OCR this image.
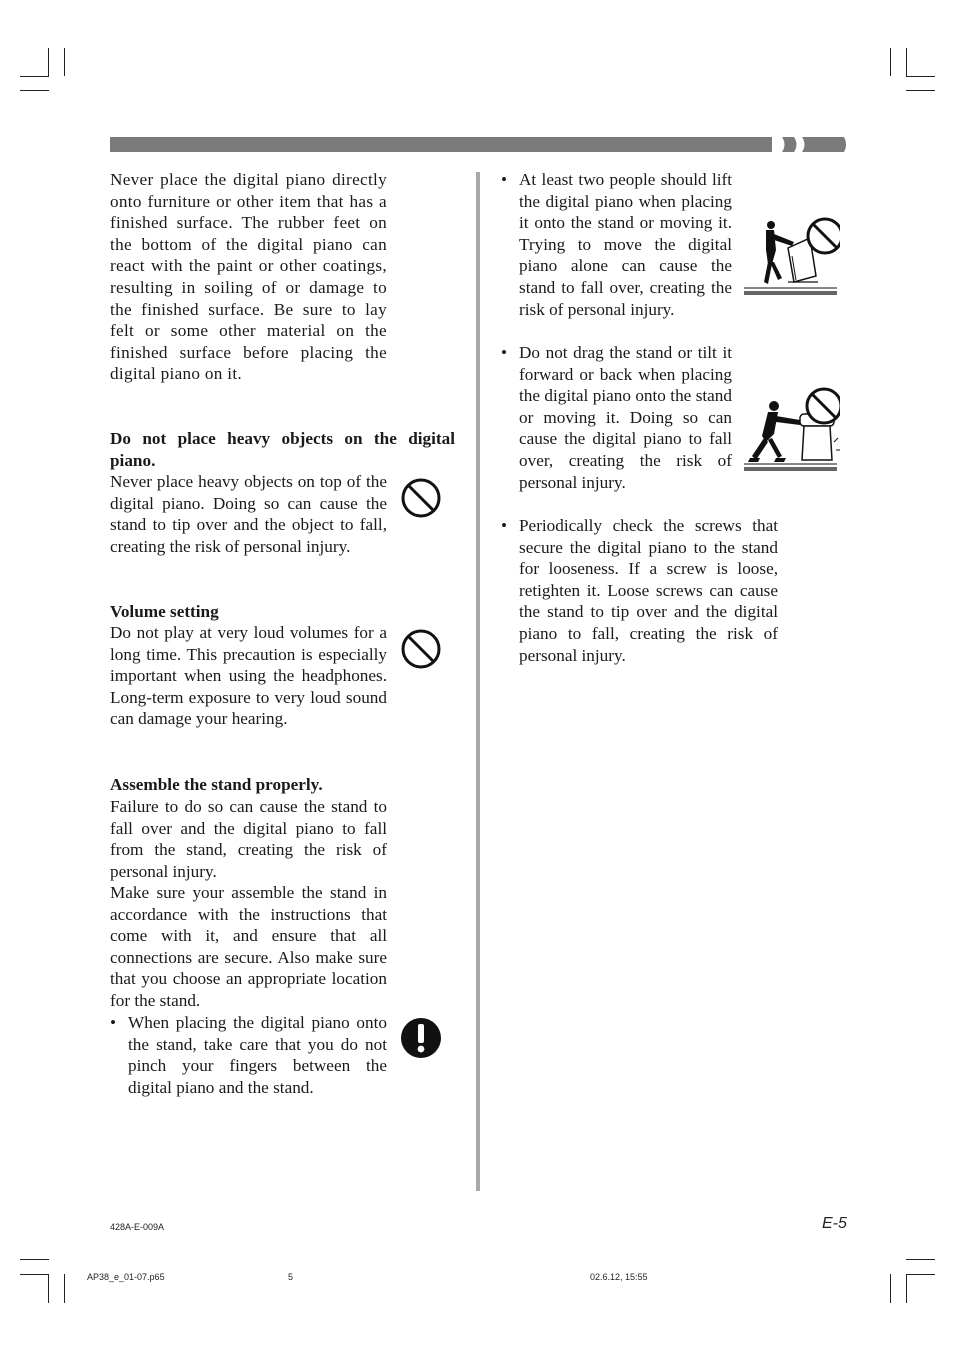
Never place the digital piano directly onto furniture or other item that has a finished surface. The rubber feet on the bottom of the digital piano can react with the paint or other coatings, resulting in soiling of or damage to the finished surface. Be sure to lay felt or some other material on the finished surface before placing the digital piano on it.

Do not place heavy objects on the digital piano.

Never place heavy objects on top of the digital piano. Doing so can cause the stand to tip over and the object to fall, creating the risk of personal injury.

Volume setting

Do not play at very loud volumes for a long time. This precaution is especially important when using the headphones. Long-term exposure to very loud sound can damage your hearing.

Assemble the stand properly.

Failure to do so can cause the stand to fall over and the digital piano to fall from the stand, creating the risk of personal injury.

Make sure your assemble the stand in accordance with the instructions that come with it, and ensure that all connections are secure. Also make sure that you choose an appropriate location for the stand.

• When placing the digital piano onto the stand, take care that you do not pinch your fingers between the digital piano and the stand.

• At least two people should lift the digital piano when placing it onto the stand or moving it. Trying to move the digital piano alone can cause the stand to fall over, creating the risk of personal injury.

• Do not drag the stand or tilt it forward or back when placing the digital piano onto the stand or moving it. Doing so can cause the digital piano to fall over, creating the risk of personal injury.

• Periodically check the screws that secure the digital piano to the stand for looseness. If a screw is loose, retighten it. Loose screws can cause the stand to tip over and the digital piano to fall, creating the risk of personal injury.

428A-E-009A	E-5
AP38_e_01-07.p65	5	02.6.12, 15:55
